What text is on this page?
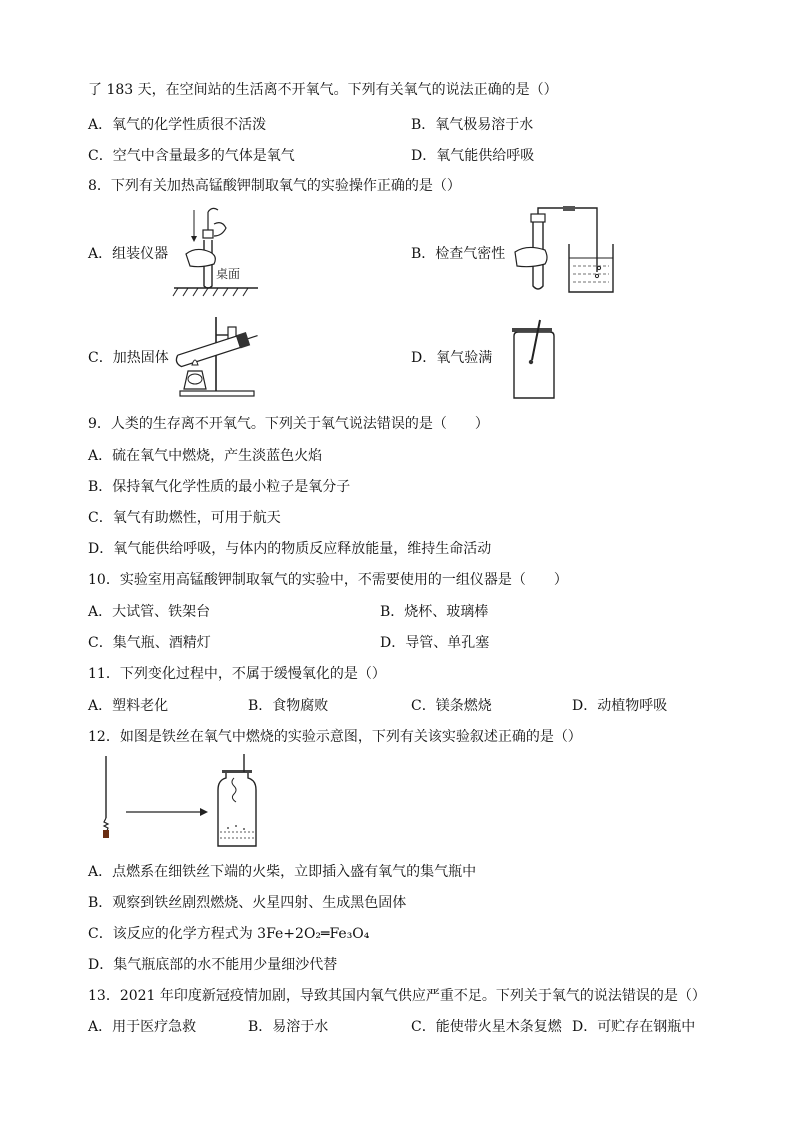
了 183 天，在空间站的生活离不开氧气。下列有关氧气的说法正确的是（）
A．氧气的化学性质很不活泼	B．氧气极易溶于水
C．空气中含量最多的气体是氧气	D．氧气能供给呼吸
8．下列有关加热高锰酸钾制取氧气的实验操作正确的是（）
A．组装仪器
桌面
B．检查气密性
C．加热固体	D．氧气验满
9．人类的生存离不开氧气。下列关于氧气说法错误的是（　　）
A．硫在氧气中燃烧，产生淡蓝色火焰
B．保持氧气化学性质的最小粒子是氧分子
C．氧气有助燃性，可用于航天
D．氧气能供给呼吸，与体内的物质反应释放能量，维持生命活动
10．实验室用高锰酸钾制取氧气的实验中，不需要使用的一组仪器是（　　）
A．大试管、铁架台	B．烧杯、玻璃棒
C．集气瓶、酒精灯	D．导管、单孔塞
11．下列变化过程中，不属于缓慢氧化的是（）
A．塑料老化	B．食物腐败	C．镁条燃烧	D．动植物呼吸
12．如图是铁丝在氧气中燃烧的实验示意图，下列有关该实验叙述正确的是（）
A．点燃系在细铁丝下端的火柴，立即插入盛有氧气的集气瓶中
B．观察到铁丝剧烈燃烧、火星四射、生成黑色固体
C．该反应的化学方程式为 3Fe+2O₂═Fe₃O₄
D．集气瓶底部的水不能用少量细沙代替
13．2021 年印度新冠疫情加剧，导致其国内氧气供应严重不足。下列关于氧气的说法错误的是（）
A．用于医疗急救	B．易溶于水	C．能使带火星木条复燃 D．可贮存在钢瓶中
